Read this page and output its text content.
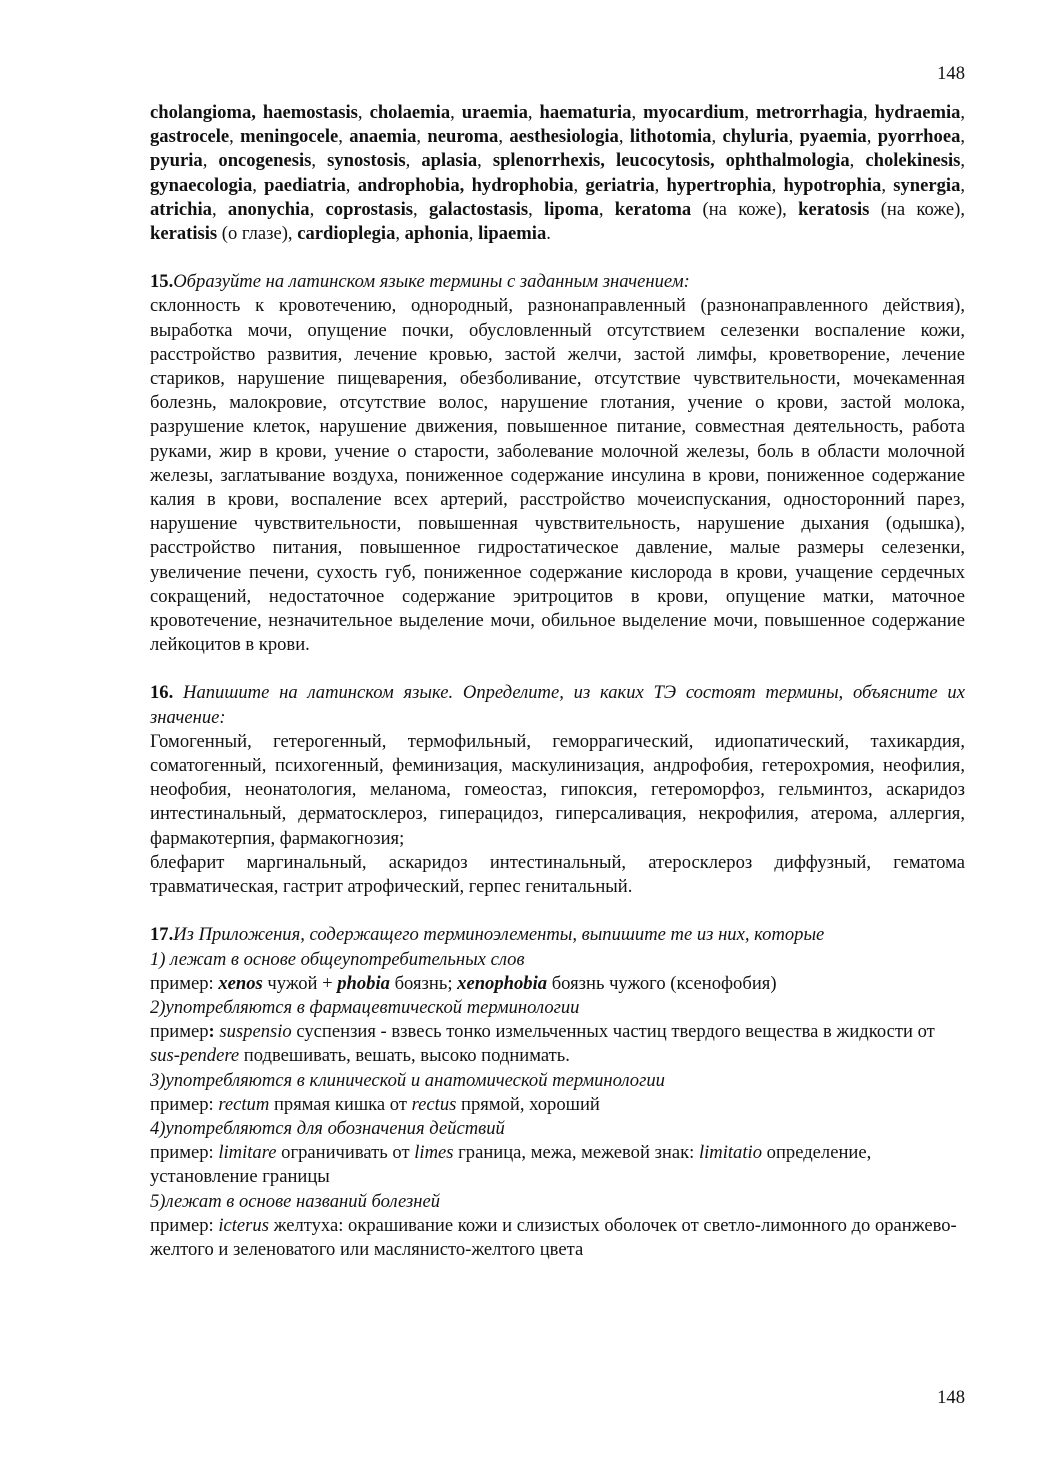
148

cholangioma, haemostasis, cholaemia, uraemia, haematuria, myocardium, metrorrhagia, hydraemia, gastrocele, meningocele, anaemia, neuroma, aesthesiologia, lithotomia, chyluria, pyaemia, pyorrhoea, pyuria, oncogenesis, synostosis, aplasia, splenorrhexis, leucocytosis, ophthalmologia, cholekinesis, gynaecologia, paediatria, androphobia, hydrophobia, geriatria, hypertrophia, hypotrophia, synergia, atrichia, anonychia, coprostasis, galactostasis, lipoma, keratoma (на коже), keratosis (на коже), keratisis (о глазе), cardioplegia, aphonia, lipaemia.

15.Образуйте на латинском языке термины с заданным значением:

склонность к кровотечению, однородный, разнонаправленный (разнонаправленного действия), выработка мочи, опущение почки, обусловленный отсутствием селезенки воспаление кожи, расстройство развития, лечение кровью, застой желчи, застой лимфы, кроветворение, лечение стариков, нарушение пищеварения, обезболивание, отсутствие чувствительности, мочекаменная болезнь, малокровие, отсутствие волос, нарушение глотания, учение о крови, застой молока, разрушение клеток, нарушение движения, повышенное питание, совместная деятельность, работа руками, жир в крови, учение о старости, заболевание молочной железы, боль в области молочной железы, заглатывание воздуха, пониженное содержание инсулина в крови, пониженное содержание калия в крови, воспаление всех артерий, расстройство мочеиспускания, односторонний парез, нарушение чувствительности, повышенная чувствительность, нарушение дыхания (одышка), расстройство питания, повышенное гидростатическое давление, малые размеры селезенки, увеличение печени, сухость губ, пониженное содержание кислорода в крови, учащение сердечных сокращений, недостаточное содержание эритроцитов в крови, опущение матки, маточное кровотечение, незначительное выделение мочи, обильное выделение мочи, повышенное содержание лейкоцитов в крови.

16. Напишите на латинском языке. Определите, из каких ТЭ состоят термины, объясните их значение:

Гомогенный, гетерогенный, термофильный, геморрагический, идиопатический, тахикардия, соматогенный, психогенный, феминизация, маскулинизация, андрофобия, гетерохромия, неофилия, неофобия, неонатология, меланома, гомеостаз, гипоксия, гетероморфоз, гельминтоз, аскаридоз интестинальный, дерматосклероз, гиперацидоз, гиперсаливация, некрофилия, атерома, аллергия, фармакотерпия, фармакогнозия;

блефарит маргинальный, аскаридоз интестинальный, атеросклероз диффузный, гематома травматическая, гастрит атрофический, герпес генитальный.

17.Из Приложения, содержащего терминоэлементы, выпишите те из них, которые

1) лежат в основе общеупотребительных слов

пример: xenos чужой + phobia боязнь; xenophobia боязнь чужого (ксенофобия)

2)употребляются в фармацевтической терминологии

пример: suspensio суспензия - взвесь тонко измельченных частиц твердого вещества в жидкости от sus-pendere подвешивать, вешать, высоко поднимать.

3)употребляются в клинической и анатомической терминологии

пример: rectum прямая кишка от rectus прямой, хороший

4)употребляются для обозначения действий

пример: limitare ограничивать от limes граница, межа, межевой знак: limitatio определение, установление границы

5)лежат в основе названий болезней

пример: icterus желтуха: окрашивание кожи и слизистых оболочек от светло-лимонного до оранжево-желтого и зеленоватого или маслянисто-желтого цвета

148
